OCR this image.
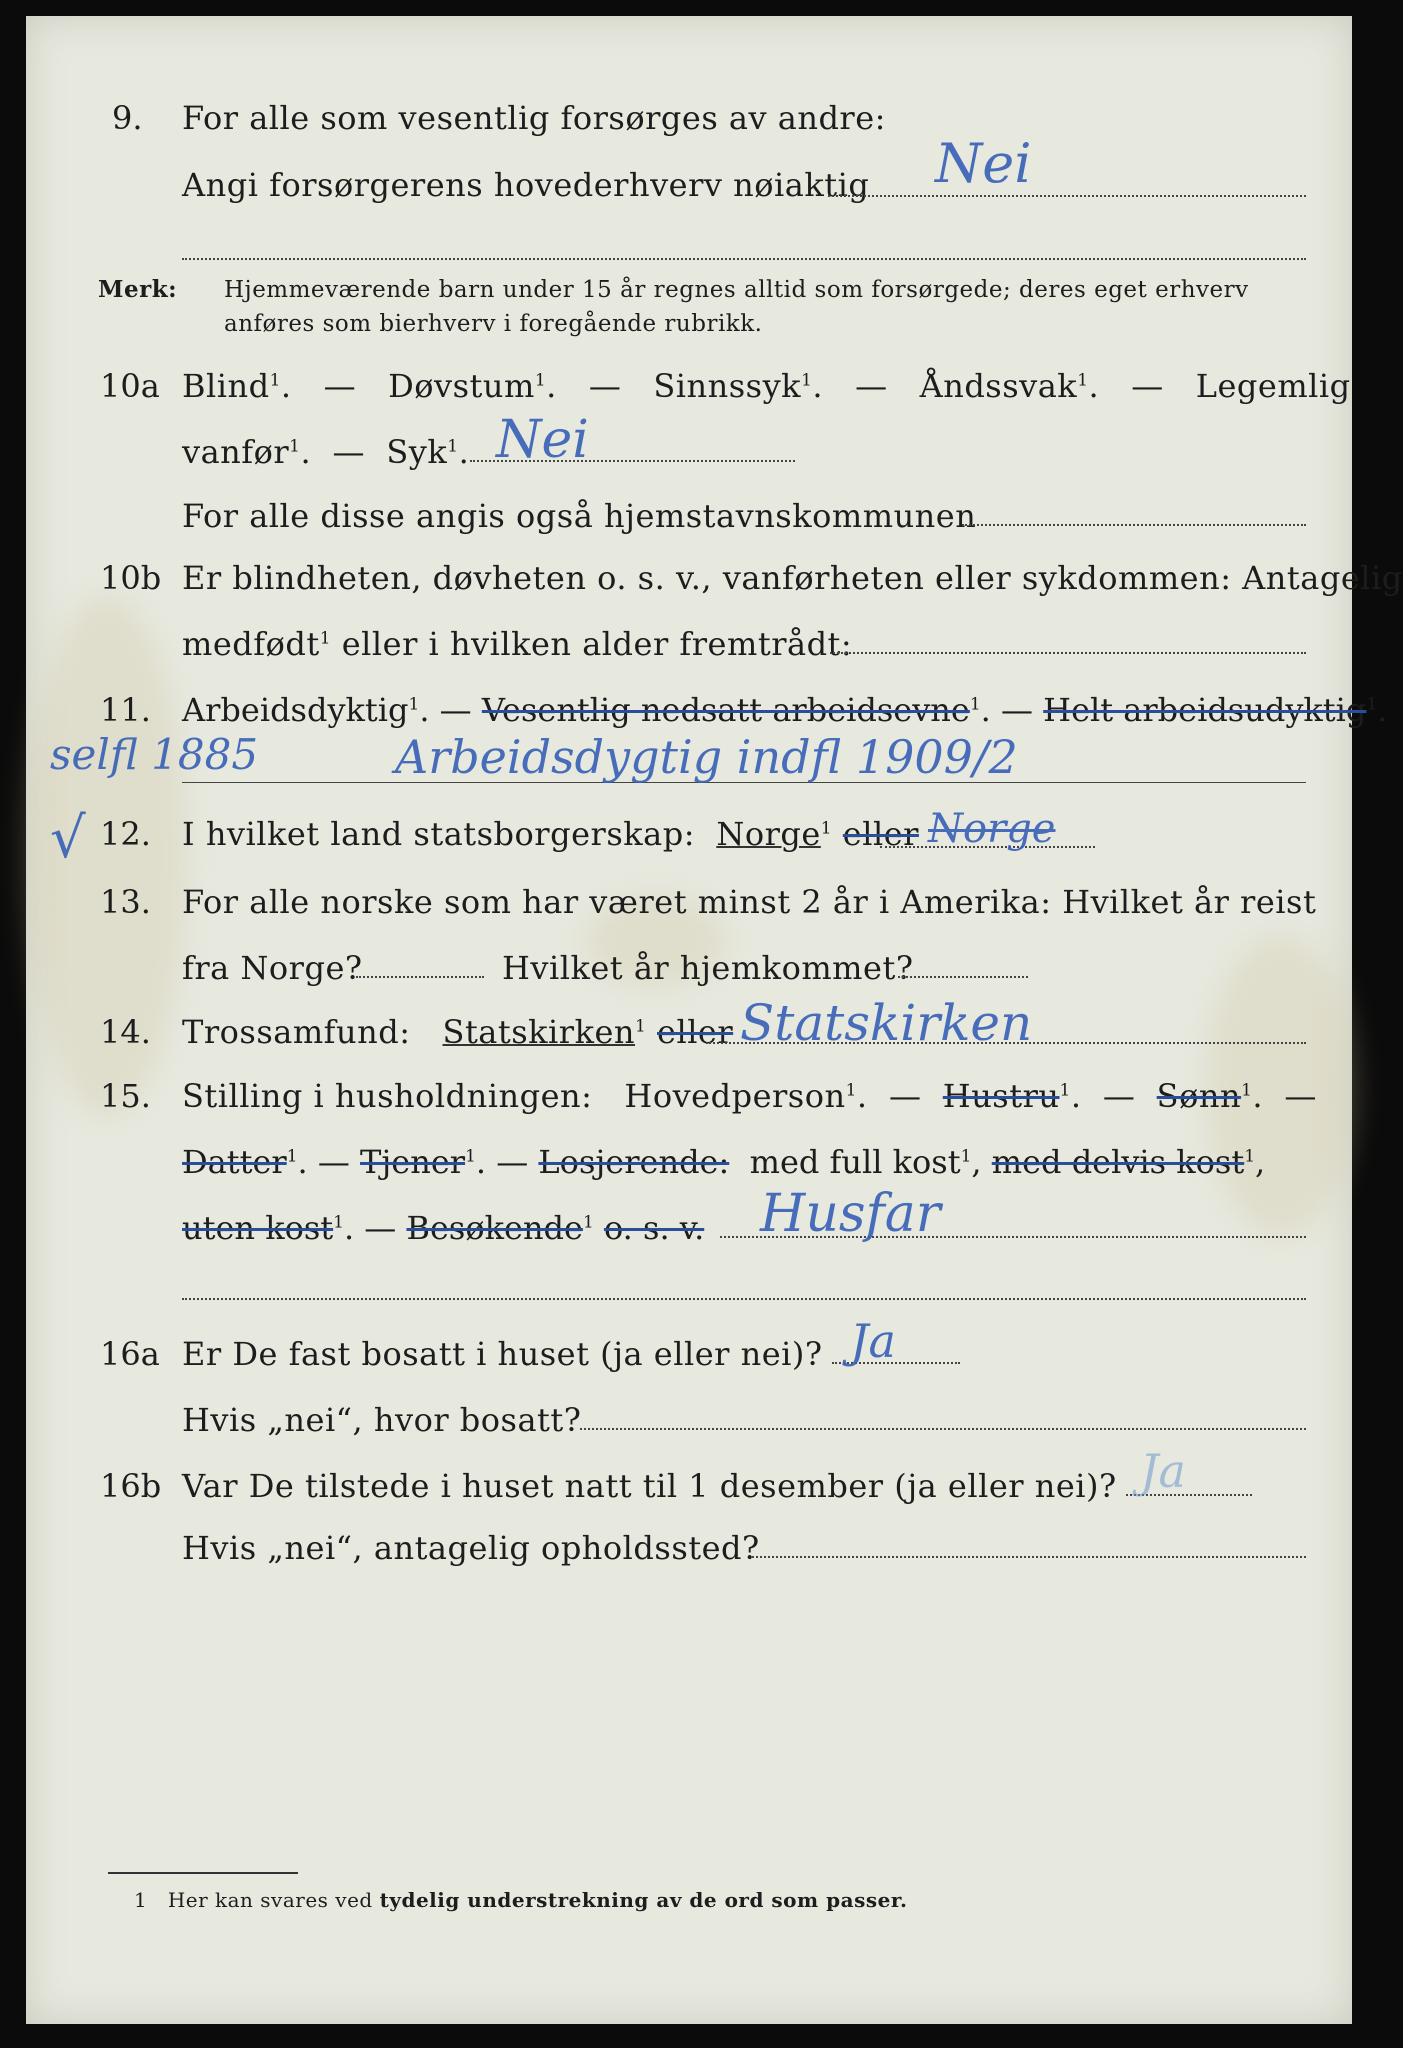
9. For alle som vesentlig forsørges av andre:
Angi forsørgerens hovederhverv nøiaktig Nei
Merk: Hjemmeværende barn under 15 år regnes alltid som forsørgede; deres eget erhverv
anføres som bierhverv i foregående rubrikk.
10a Blind$^1$. — Døvstum$^1$. — Sinnssyk$^1$. — Åndssvak$^1$. — Legemlig
vanfør$^1$. — Syk$^1$. Nei
For alle disse angis også hjemstavnskommunen
10b Er blindheten, døvheten o. s. v., vanførheten eller sykdommen: Antagelig
medfødt$^1$ eller i hvilken alder fremtrådt:
11. Arbeidsdyktig$^1$. — Vesentlig nedsatt arbeidsevne$^1$. — Helt arbeidsudyktig$^1$.
selfl 1885	Arbeidsdygtig indfl 1909/2
√ 12. I hvilket land statsborgerskap: Norge$^1$ eller Norge
13. For alle norske som har været minst 2 år i Amerika: Hvilket år reist
fra Norge?	Hvilket år hjemkommet?
14. Trossamfund: Statskirken$^1$ eller Statskirken
15. Stilling i husholdningen: Hovedperson$^1$. — Hustru$^1$. — Sønn$^1$. —
Datter$^1$. — Tjener$^1$. — Losjerende: med full kost$^1$, med delvis kost$^1$,
uten kost$^1$. — Besøkende$^1$ o. s. v. Husfar
16a Er De fast bosatt i huset (ja eller nei)? Ja
Hvis „nei“, hvor bosatt?
16b Var De tilstede i huset natt til 1 desember (ja eller nei)? Ja
Hvis „nei“, antagelig opholdssted?
1 Her kan svares ved tydelig understrekning av de ord som passer.
